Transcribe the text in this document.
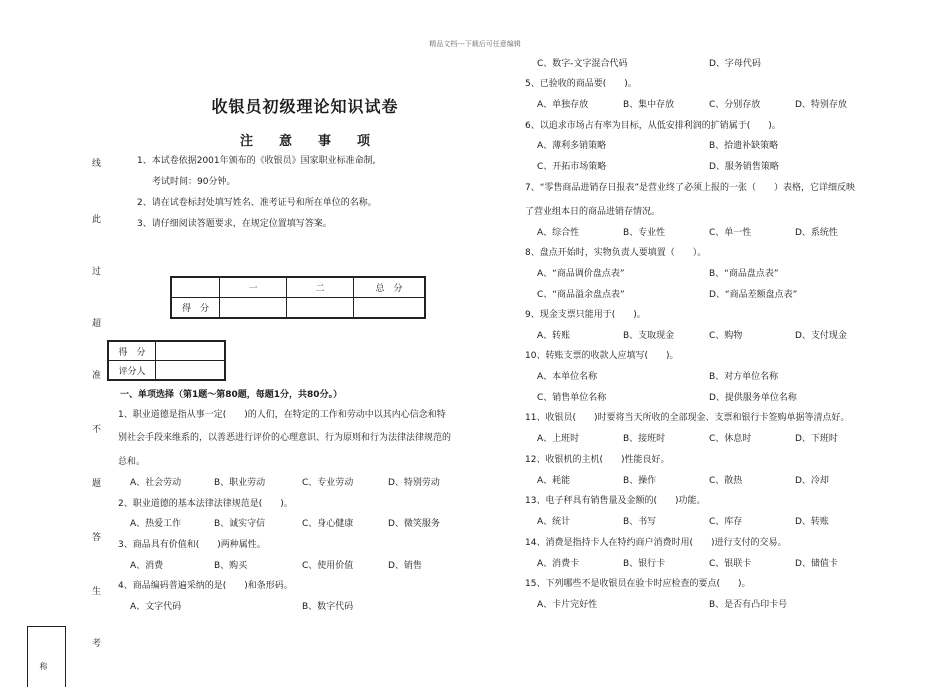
精品文档---下载后可任意编辑
收银员初级理论知识试卷
注意事项
1、本试卷依据2001年颁布的《收银员》国家职业标准命制,
考试时间：90分钟。
2、请在试卷标封处填写姓名、准考证号和所在单位的名称。
3、请仔细阅读答题要求，在规定位置填写答案。
线
此
过
超
准
不
题
答
生
考
称
	一	二	总　分
得　分			
得　分	
评分人	
一、单项选择（第1题～第80题，每题1分，共80分。）
1、职业道德是指从事一定(　　)的人们，在特定的工作和劳动中以其内心信念和特
别社会手段来维系的，以善恶进行评价的心理意识、行为原则和行为法律法律规范的
总和。
A、社会劳动	B、职业劳动	C、专业劳动	D、特别劳动
2、职业道德的基本法律法律规范是(　　)。
A、热爱工作	B、诚实守信	C、身心健康	D、微笑服务
3、商品具有价值和(　　)两种属性。
A、消费	B、购买	C、使用价值	D、销售
4、商品编码普遍采纳的是(　　)和条形码。
A、文字代码	B、数字代码
C、数字-文字混合代码	D、字母代码
5、已验收的商品要(　　)。
A、单独存放	B、集中存放	C、分别存放	D、特别存放
6、以追求市场占有率为目标，从低安排利润的扩销属于(　　)。
A、薄利多销策略	B、拾遗补缺策略
C、开拓市场策略	D、服务销售策略
7、“零售商品进销存日报表”是营业终了必须上报的一张（　　）表格，它详细反映
了营业组本日的商品进销存情况。
A、综合性	B、专业性	C、单一性	D、系统性
8、盘点开始时，实物负责人要填置（　　）。
A、“商品调价盘点表”	B、“商品盘点表”
C、“商品溢余盘点表”	D、“商品差额盘点表”
9、现金支票只能用于(　　)。
A、转账	B、支取现金	C、购物	D、支付现金
10、转账支票的收款人应填写(　　)。
A、本单位名称	B、对方单位名称
C、销售单位名称	D、提供服务单位名称
11、收银员(　　)时要将当天所收的全部现金、支票和银行卡签购单据等清点好。
A、上班时	B、接班时	C、休息时	D、下班时
12、收银机的主机(　　)性能良好。
A、耗能	B、操作	C、散热	D、冷却
13、电子秤具有销售量及金额的(　　)功能。
A、统计	B、书写	C、库存	D、转账
14、消费是指持卡人在特约商户消费时用(　　)进行支付的交易。
A、消费卡	B、银行卡	C、银联卡	D、储值卡
15、下列哪些不是收银员在验卡时应检查的要点(　　)。
A、卡片完好性	B、是否有凸印卡号
